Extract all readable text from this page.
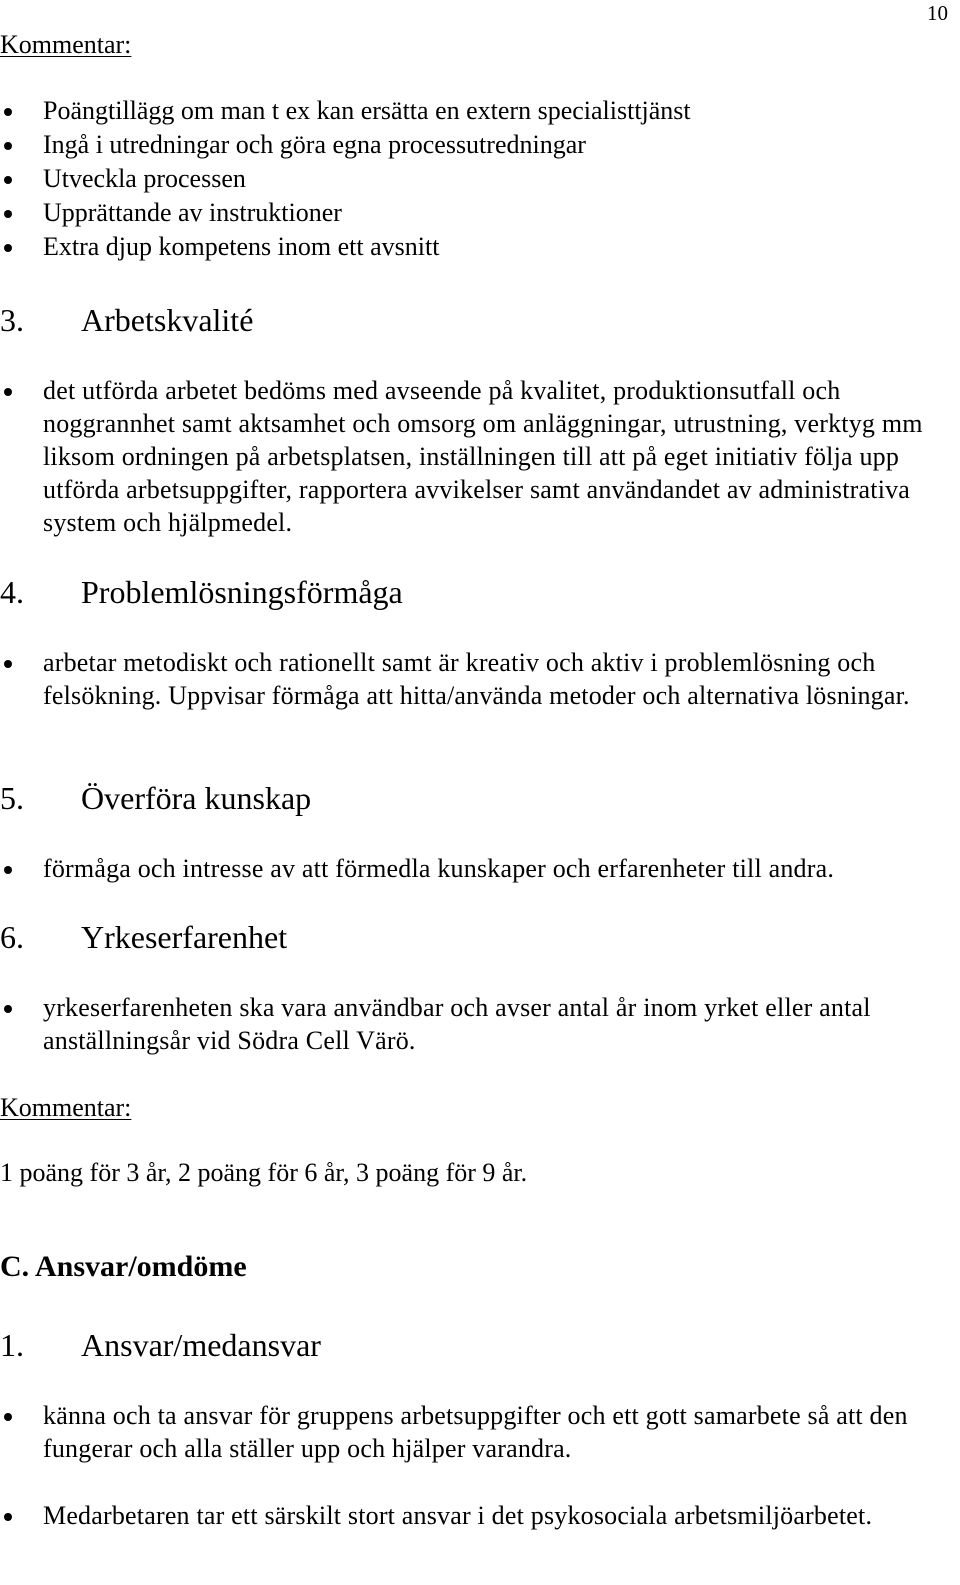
10
Kommentar:
Poängtillägg om man t ex kan ersätta en extern specialisttjänst
Ingå i utredningar och göra egna processutredningar
Utveckla processen
Upprättande av instruktioner
Extra djup kompetens inom ett avsnitt
3. Arbetskvalité
det utförda arbetet bedöms med avseende på kvalitet, produktionsutfall och noggrannhet samt aktsamhet och omsorg om anläggningar, utrustning, verktyg mm liksom ordningen på arbetsplatsen, inställningen till att på eget initiativ följa upp utförda arbetsuppgifter, rapportera avvikelser samt användandet av administrativa system och hjälpmedel.
4. Problemlösningsförmåga
arbetar metodiskt och rationellt samt är kreativ och aktiv i problemlösning och felsökning. Uppvisar förmåga att hitta/använda metoder och alternativa lösningar.
5. Överföra kunskap
förmåga och intresse av att förmedla kunskaper och erfarenheter till andra.
6. Yrkeserfarenhet
yrkeserfarenheten ska vara användbar och avser antal år inom yrket eller antal anställningsår vid Södra Cell Värö.
Kommentar:
1 poäng för 3 år, 2 poäng för 6 år, 3 poäng för 9 år.
C. Ansvar/omdöme
1. Ansvar/medansvar
känna och ta ansvar för gruppens arbetsuppgifter och ett gott samarbete så att den fungerar och alla ställer upp och hjälper varandra.
Medarbetaren tar ett särskilt stort ansvar i det psykosociala arbetsmiljöarbetet.
